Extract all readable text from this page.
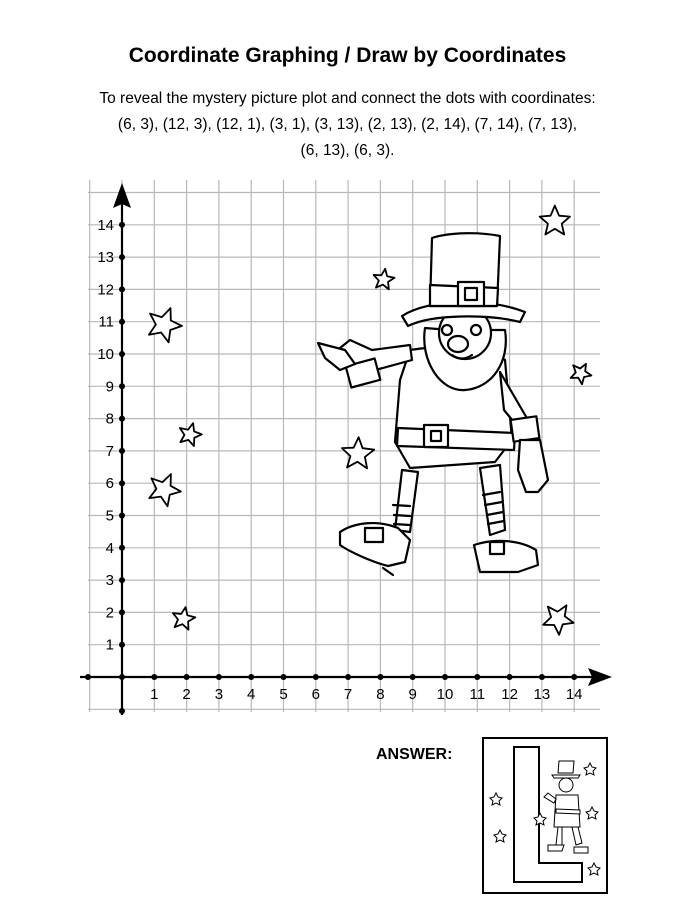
Coordinate Graphing / Draw by Coordinates
To reveal the mystery picture plot and connect the dots with coordinates:
(6, 3), (12, 3), (12, 1), (3, 1), (3, 13), (2, 13), (2, 14), (7, 14), (7, 13),
(6, 13), (6, 3).
1 2 3 4 5 6 7 8 9 10 11 12 13 14
1
2
3
4
5
6
7
8
9
10
11
12
13
14
ANSWER:
